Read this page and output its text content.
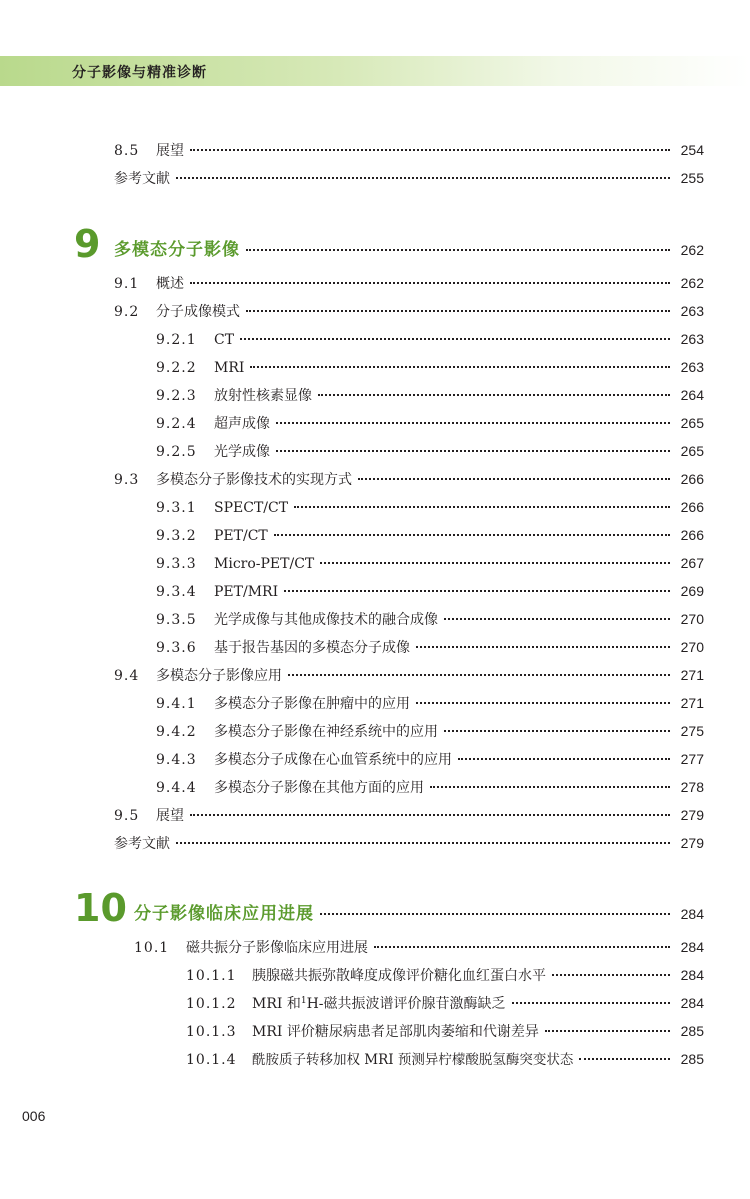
分子影像与精准诊断
8.5	展望	254
参考文献	255
9 多模态分子影像	262
9.1	概述	262
9.2	分子成像模式	263
9.2.1	CT	263
9.2.2	MRI	263
9.2.3	放射性核素显像	264
9.2.4	超声成像	265
9.2.5	光学成像	265
9.3	多模态分子影像技术的实现方式	266
9.3.1	SPECT/CT	266
9.3.2	PET/CT	266
9.3.3	Micro-PET/CT	267
9.3.4	PET/MRI	269
9.3.5	光学成像与其他成像技术的融合成像	270
9.3.6	基于报告基因的多模态分子成像	270
9.4	多模态分子影像应用	271
9.4.1	多模态分子影像在肿瘤中的应用	271
9.4.2	多模态分子影像在神经系统中的应用	275
9.4.3	多模态分子成像在心血管系统中的应用	277
9.4.4	多模态分子影像在其他方面的应用	278
9.5	展望	279
参考文献	279
10 分子影像临床应用进展	284
10.1	磁共振分子影像临床应用进展	284
10.1.1	胰腺磁共振弥散峰度成像评价糖化血红蛋白水平	284
10.1.2	MRI 和$^1$H-磁共振波谱评价腺苷激酶缺乏	284
10.1.3	MRI 评价糖尿病患者足部肌肉萎缩和代谢差异	285
10.1.4	酰胺质子转移加权 MRI 预测异柠檬酸脱氢酶突变状态	285
006
